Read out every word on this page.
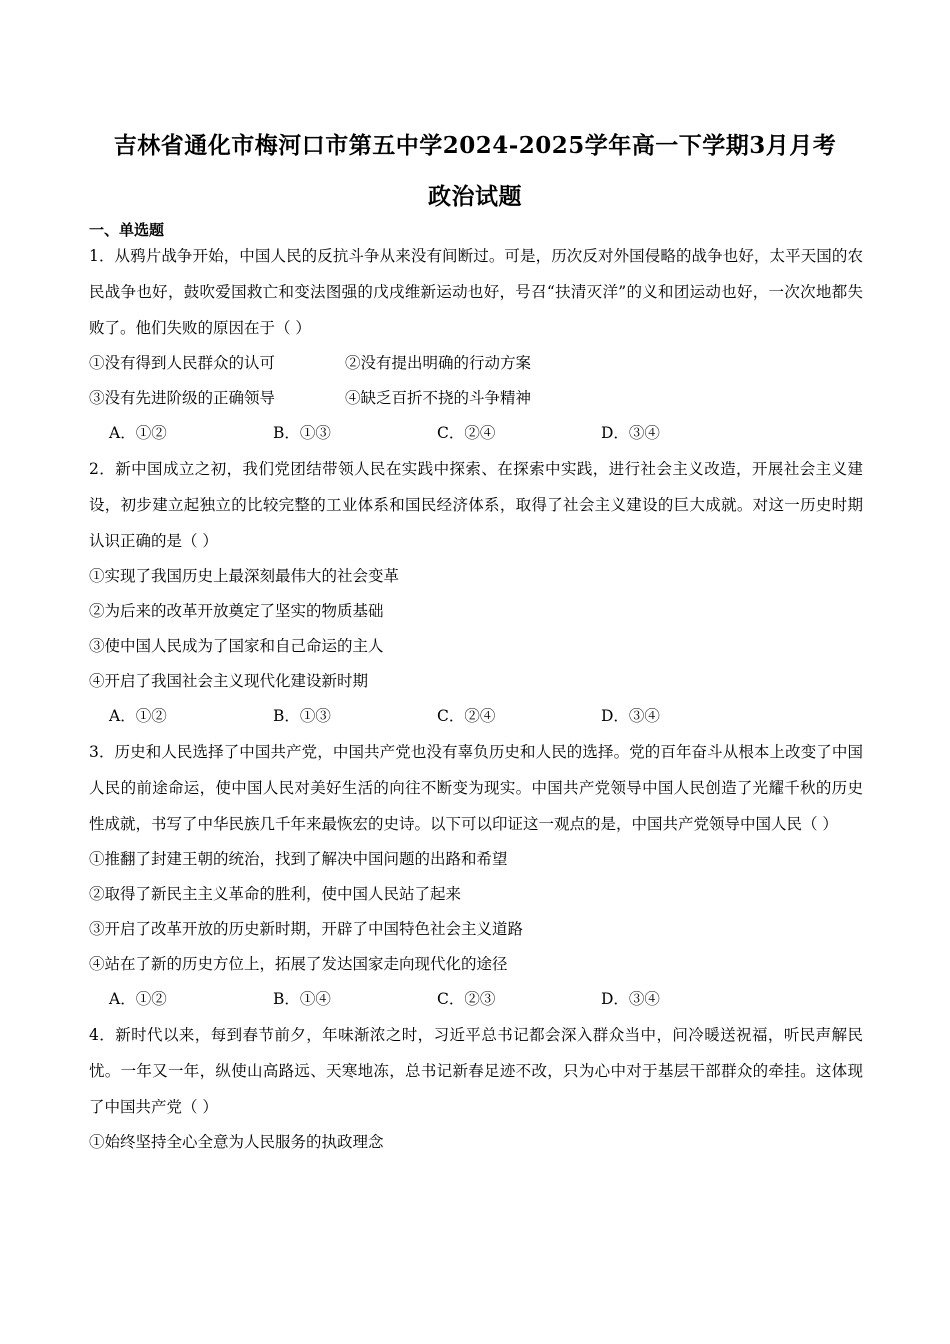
吉林省通化市梅河口市第五中学2024-2025学年高一下学期3月月考
政治试题
一、单选题

1．从鸦片战争开始，中国人民的反抗斗争从来没有间断过。可是，历次反对外国侵略的战争也好，太平天国的农民战争也好，鼓吹爱国救亡和变法图强的戊戌维新运动也好，号召“扶清灭洋”的义和团运动也好，一次次地都失败了。他们失败的原因在于（ ）

①没有得到人民群众的认可	②没有提出明确的行动方案
③没有先进阶级的正确领导	④缺乏百折不挠的斗争精神
A．①②	B．①③	C．②④	D．③④

2．新中国成立之初，我们党团结带领人民在实践中探索、在探索中实践，进行社会主义改造，开展社会主义建设，初步建立起独立的比较完整的工业体系和国民经济体系，取得了社会主义建设的巨大成就。对这一历史时期认识正确的是（ ）

①实现了我国历史上最深刻最伟大的社会变革
②为后来的改革开放奠定了坚实的物质基础
③使中国人民成为了国家和自己命运的主人
④开启了我国社会主义现代化建设新时期
A．①②	B．①③	C．②④	D．③④

3．历史和人民选择了中国共产党，中国共产党也没有辜负历史和人民的选择。党的百年奋斗从根本上改变了中国人民的前途命运，使中国人民对美好生活的向往不断变为现实。中国共产党领导中国人民创造了光耀千秋的历史性成就，书写了中华民族几千年来最恢宏的史诗。以下可以印证这一观点的是，中国共产党领导中国人民（ ）

①推翻了封建王朝的统治，找到了解决中国问题的出路和希望
②取得了新民主主义革命的胜利，使中国人民站了起来
③开启了改革开放的历史新时期，开辟了中国特色社会主义道路
④站在了新的历史方位上，拓展了发达国家走向现代化的途径
A．①②	B．①④	C．②③	D．③④

4．新时代以来，每到春节前夕，年味渐浓之时，习近平总书记都会深入群众当中，问冷暖送祝福，听民声解民忧。一年又一年，纵使山高路远、天寒地冻，总书记新春足迹不改，只为心中对于基层干部群众的牵挂。这体现了中国共产党（ ）

①始终坚持全心全意为人民服务的执政理念
